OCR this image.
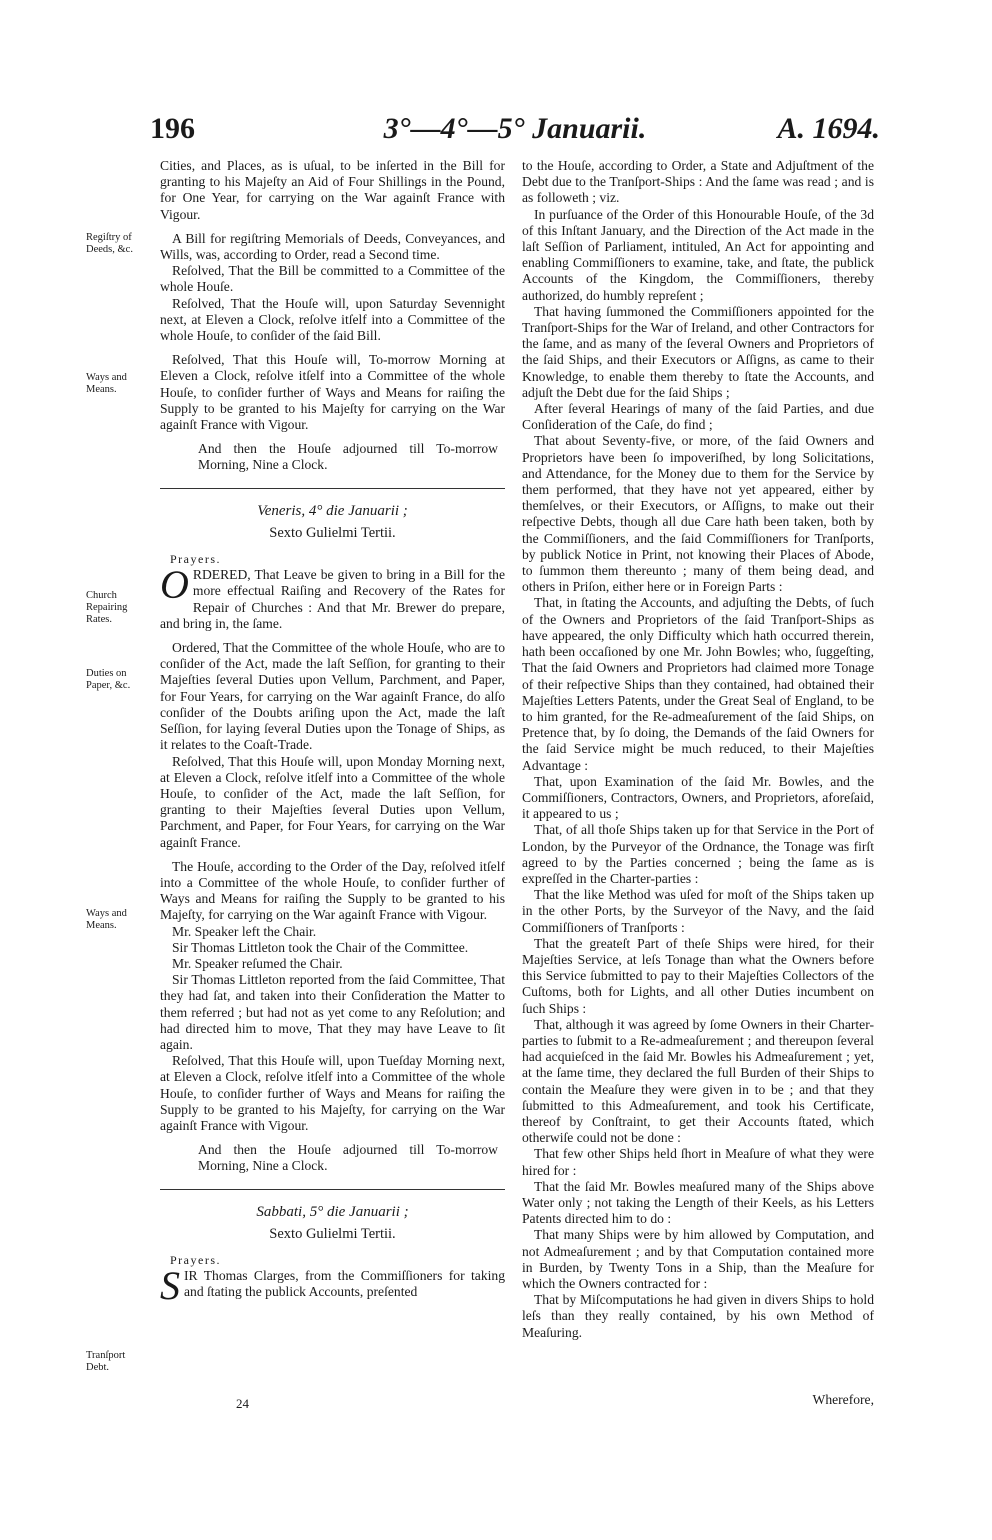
196	3°—4°—5° Januarii.	A. 1694.
Regiſtry of Deeds, &c.
Ways and Means.
Church Repairing Rates.
Duties on Paper, &c.
Ways and Means.
Tranſport Debt.

Cities, and Places, as is uſual, to be inſerted in the Bill for granting to his Majeſty an Aid of Four Shillings in the Pound, for One Year, for carrying on the War againſt France with Vigour.

A Bill for regiſtring Memorials of Deeds, Conveyances, and Wills, was, according to Order, read a Second time.

Reſolved, That the Bill be committed to a Committee of the whole Houſe.

Reſolved, That the Houſe will, upon Saturday Sevennight next, at Eleven a Clock, reſolve itſelf into a Committee of the whole Houſe, to conſider of the ſaid Bill.

Reſolved, That this Houſe will, To-morrow Morning at Eleven a Clock, reſolve itſelf into a Committee of the whole Houſe, to conſider further of Ways and Means for raiſing the Supply to be granted to his Majeſty for carrying on the War againſt France with Vigour.

And then the Houſe adjourned till To-morrow Morning, Nine a Clock.

Veneris, 4° die Januarii ;
Sexto Gulielmi Tertii.
Prayers.

ORDERED, That Leave be given to bring in a Bill for the more effectual Raiſing and Recovery of the Rates for Repair of Churches : And that Mr. Brewer do prepare, and bring in, the ſame.

Ordered, That the Committee of the whole Houſe, who are to conſider of the Act, made the laſt Seſſion, for granting to their Majeſties ſeveral Duties upon Vellum, Parchment, and Paper, for Four Years, for carrying on the War againſt France, do alſo conſider of the Doubts ariſing upon the Act, made the laſt Seſſion, for laying ſeveral Duties upon the Tonage of Ships, as it relates to the Coaſt-Trade.

Reſolved, That this Houſe will, upon Monday Morning next, at Eleven a Clock, reſolve itſelf into a Committee of the whole Houſe, to conſider of the Act, made the laſt Seſſion, for granting to their Majeſties ſeveral Duties upon Vellum, Parchment, and Paper, for Four Years, for carrying on the War againſt France.

The Houſe, according to the Order of the Day, reſolved itſelf into a Committee of the whole Houſe, to conſider further of Ways and Means for raiſing the Supply to be granted to his Majeſty, for carrying on the War againſt France with Vigour.

Mr. Speaker left the Chair.

Sir Thomas Littleton took the Chair of the Committee.

Mr. Speaker reſumed the Chair.

Sir Thomas Littleton reported from the ſaid Committee, That they had ſat, and taken into their Conſideration the Matter to them referred ; but had not as yet come to any Reſolution; and had directed him to move, That they may have Leave to ſit again.

Reſolved, That this Houſe will, upon Tueſday Morning next, at Eleven a Clock, reſolve itſelf into a Committee of the whole Houſe, to conſider further of Ways and Means for raiſing the Supply to be granted to his Majeſty, for carrying on the War againſt France with Vigour.

And then the Houſe adjourned till To-morrow Morning, Nine a Clock.

Sabbati, 5° die Januarii ;
Sexto Gulielmi Tertii.
Prayers.

SIR Thomas Clarges, from the Commiſſioners for taking and ſtating the publick Accounts, preſented

24

to the Houſe, according to Order, a State and Adjuſtment of the Debt due to the Tranſport-Ships : And the ſame was read ; and is as followeth ; viz.

In purſuance of the Order of this Honourable Houſe, of the 3d of this Inſtant January, and the Direction of the Act made in the laſt Seſſion of Parliament, intituled, An Act for appointing and enabling Commiſſioners to examine, take, and ſtate, the publick Accounts of the Kingdom, the Commiſſioners, thereby authorized, do humbly repreſent ;

That having ſummoned the Commiſſioners appointed for the Tranſport-Ships for the War of Ireland, and other Contractors for the ſame, and as many of the ſeveral Owners and Proprietors of the ſaid Ships, and their Executors or Aſſigns, as came to their Knowledge, to enable them thereby to ſtate the Accounts, and adjuſt the Debt due for the ſaid Ships ;

After ſeveral Hearings of many of the ſaid Parties, and due Conſideration of the Caſe, do find ;

That about Seventy-five, or more, of the ſaid Owners and Proprietors have been ſo impoveriſhed, by long Solicitations, and Attendance, for the Money due to them for the Service by them performed, that they have not yet appeared, either by themſelves, or their Executors, or Aſſigns, to make out their reſpective Debts, though all due Care hath been taken, both by the Commiſſioners, and the ſaid Commiſſioners for Tranſports, by publick Notice in Print, not knowing their Places of Abode, to ſummon them thereunto ; many of them being dead, and others in Priſon, either here or in Foreign Parts :

That, in ſtating the Accounts, and adjuſting the Debts, of ſuch of the Owners and Proprietors of the ſaid Tranſport-Ships as have appeared, the only Difficulty which hath occurred therein, hath been occaſioned by one Mr. John Bowles; who, ſuggeſting, That the ſaid Owners and Proprietors had claimed more Tonage of their reſpective Ships than they contained, had obtained their Majeſties Letters Patents, under the Great Seal of England, to be to him granted, for the Re-admeaſurement of the ſaid Ships, on Pretence that, by ſo doing, the Demands of the ſaid Owners for the ſaid Service might be much reduced, to their Majeſties Advantage :

That, upon Examination of the ſaid Mr. Bowles, and the Commiſſioners, Contractors, Owners, and Proprietors, aforeſaid, it appeared to us ;

That, of all thoſe Ships taken up for that Service in the Port of London, by the Purveyor of the Ordnance, the Tonage was firſt agreed to by the Parties concerned ; being the ſame as is expreſſed in the Charter-parties :

That the like Method was uſed for moſt of the Ships taken up in the other Ports, by the Surveyor of the Navy, and the ſaid Commiſſioners of Tranſports :

That the greateſt Part of theſe Ships were hired, for their Majeſties Service, at leſs Tonage than what the Owners before this Service ſubmitted to pay to their Majeſties Collectors of the Cuſtoms, both for Lights, and all other Duties incumbent on ſuch Ships :

That, although it was agreed by ſome Owners in their Charter-parties to ſubmit to a Re-admeaſurement ; and thereupon ſeveral had acquieſced in the ſaid Mr. Bowles his Admeaſurement ; yet, at the ſame time, they declared the full Burden of their Ships to contain the Meaſure they were given in to be ; and that they ſubmitted to this Admeaſurement, and took his Certificate, thereof by Conſtraint, to get their Accounts ſtated, which otherwiſe could not be done :

That few other Ships held ſhort in Meaſure of what they were hired for :

That the ſaid Mr. Bowles meaſured many of the Ships above Water only ; not taking the Length of their Keels, as his Letters Patents directed him to do :

That many Ships were by him allowed by Computation, and not Admeaſurement ; and by that Computation contained more in Burden, by Twenty Tons in a Ship, than the Meaſure for which the Owners contracted for :

That by Miſcomputations he had given in divers Ships to hold leſs than they really contained, by his own Method of Meaſuring.

Wherefore,
